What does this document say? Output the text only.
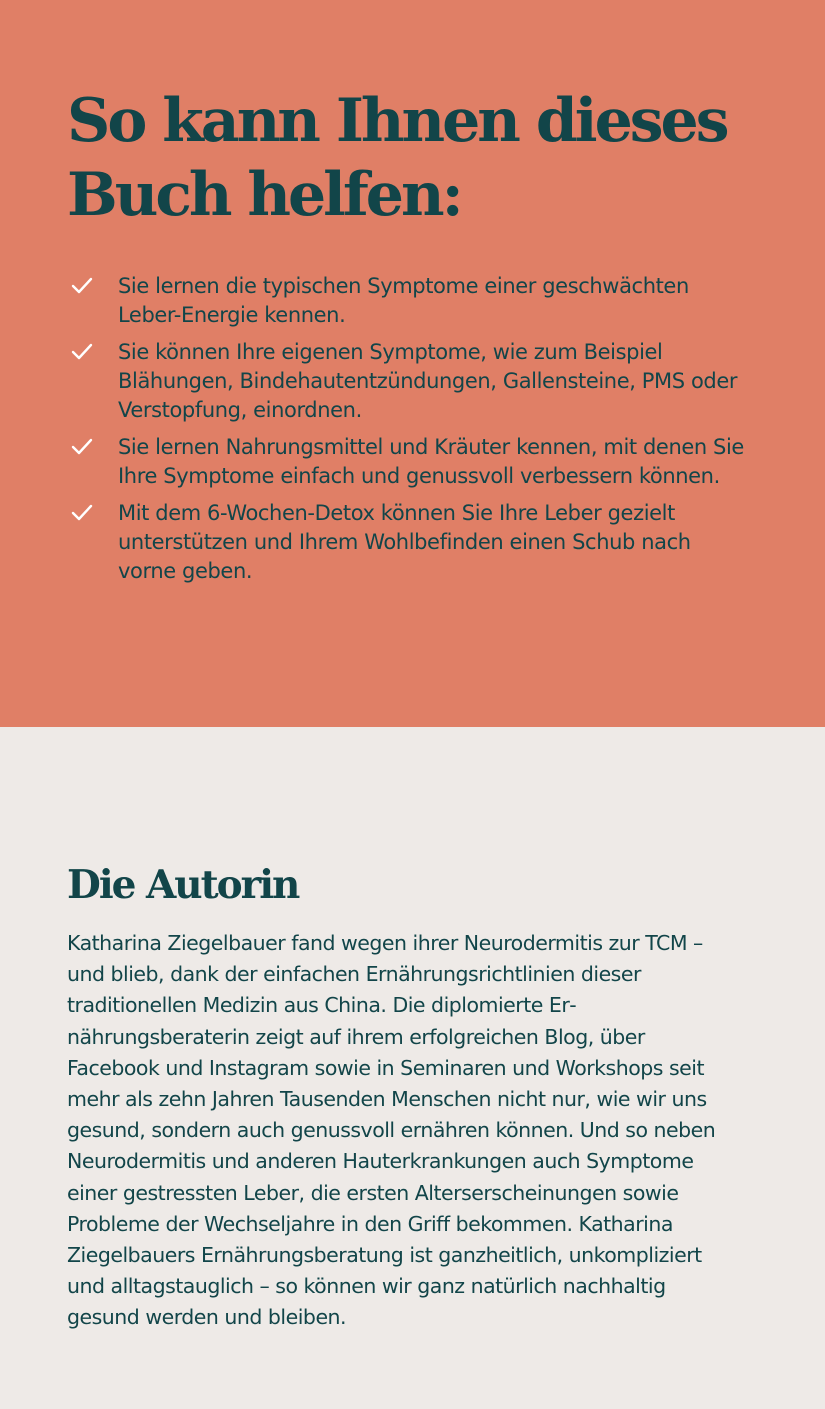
So kann Ihnen dieses Buch helfen:
Sie lernen die typischen Symptome einer geschwächten Leber-Energie kennen.
Sie können Ihre eigenen Symptome, wie zum Beispiel Blähungen, Bindehautentzündungen, Gallensteine, PMS oder Verstopfung, einordnen.
Sie lernen Nahrungsmittel und Kräuter kennen, mit denen Sie Ihre Symptome einfach und genussvoll verbessern können.
Mit dem 6-Wochen-Detox können Sie Ihre Leber gezielt unterstützen und Ihrem Wohlbefinden einen Schub nach vorne geben.
Die Autorin

Katharina Ziegelbauer fand wegen ihrer Neurodermitis zur TCM – und blieb, dank der einfachen Ernährungsrichtlinien dieser traditionellen Medizin aus China. Die diplomierte Ernährungsberaterin zeigt auf ihrem erfolgreichen Blog, über Facebook und Instagram sowie in Seminaren und Workshops seit mehr als zehn Jahren Tausenden Menschen nicht nur, wie wir uns gesund, sondern auch genussvoll ernähren können. Und so neben Neurodermitis und anderen Hauterkrankungen auch Symptome einer gestressten Leber, die ersten Alterserscheinungen sowie Probleme der Wechseljahre in den Griff bekommen. Katharina Ziegelbauers Ernährungsberatung ist ganzheitlich, unkompliziert und alltagstauglich – so können wir ganz natürlich nachhaltig gesund werden und bleiben.
